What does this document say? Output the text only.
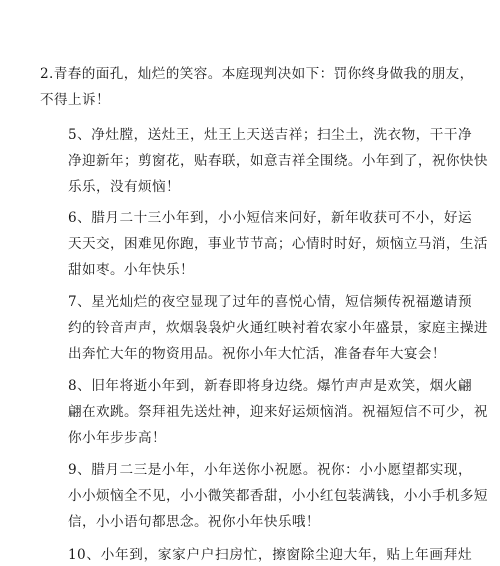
2.青春的面孔，灿烂的笑容。本庭现判决如下：罚你终身做我的朋友，
不得上诉！

5、净灶膛，送灶王，灶王上天送吉祥；扫尘土，洗衣物，干干净
净迎新年；剪窗花，贴春联，如意吉祥全围绕。小年到了，祝你快快
乐乐，没有烦恼！

6、腊月二十三小年到，小小短信来问好，新年收获可不小，好运
天天交，困难见你跑，事业节节高；心情时时好，烦恼立马消，生活
甜如枣。小年快乐！

7、星光灿烂的夜空显现了过年的喜悦心情，短信频传祝福邀请预
约的铃音声声，炊烟袅袅炉火通红映衬着农家小年盛景，家庭主操进
出奔忙大年的物资用品。祝你小年大忙活，准备春年大宴会！

8、旧年将逝小年到，新春即将身边绕。爆竹声声是欢笑，烟火翩
翩在欢跳。祭拜祖先送灶神，迎来好运烦恼消。祝福短信不可少，祝
你小年步步高！

9、腊月二三是小年，小年送你小祝愿。祝你：小小愿望都实现，
小小烦恼全不见，小小微笑都香甜，小小红包装满钱，小小手机多短
信，小小语句都思念。祝你小年快乐哦！

10、小年到，家家户户扫房忙，擦窗除尘迎大年，贴上年画拜灶
